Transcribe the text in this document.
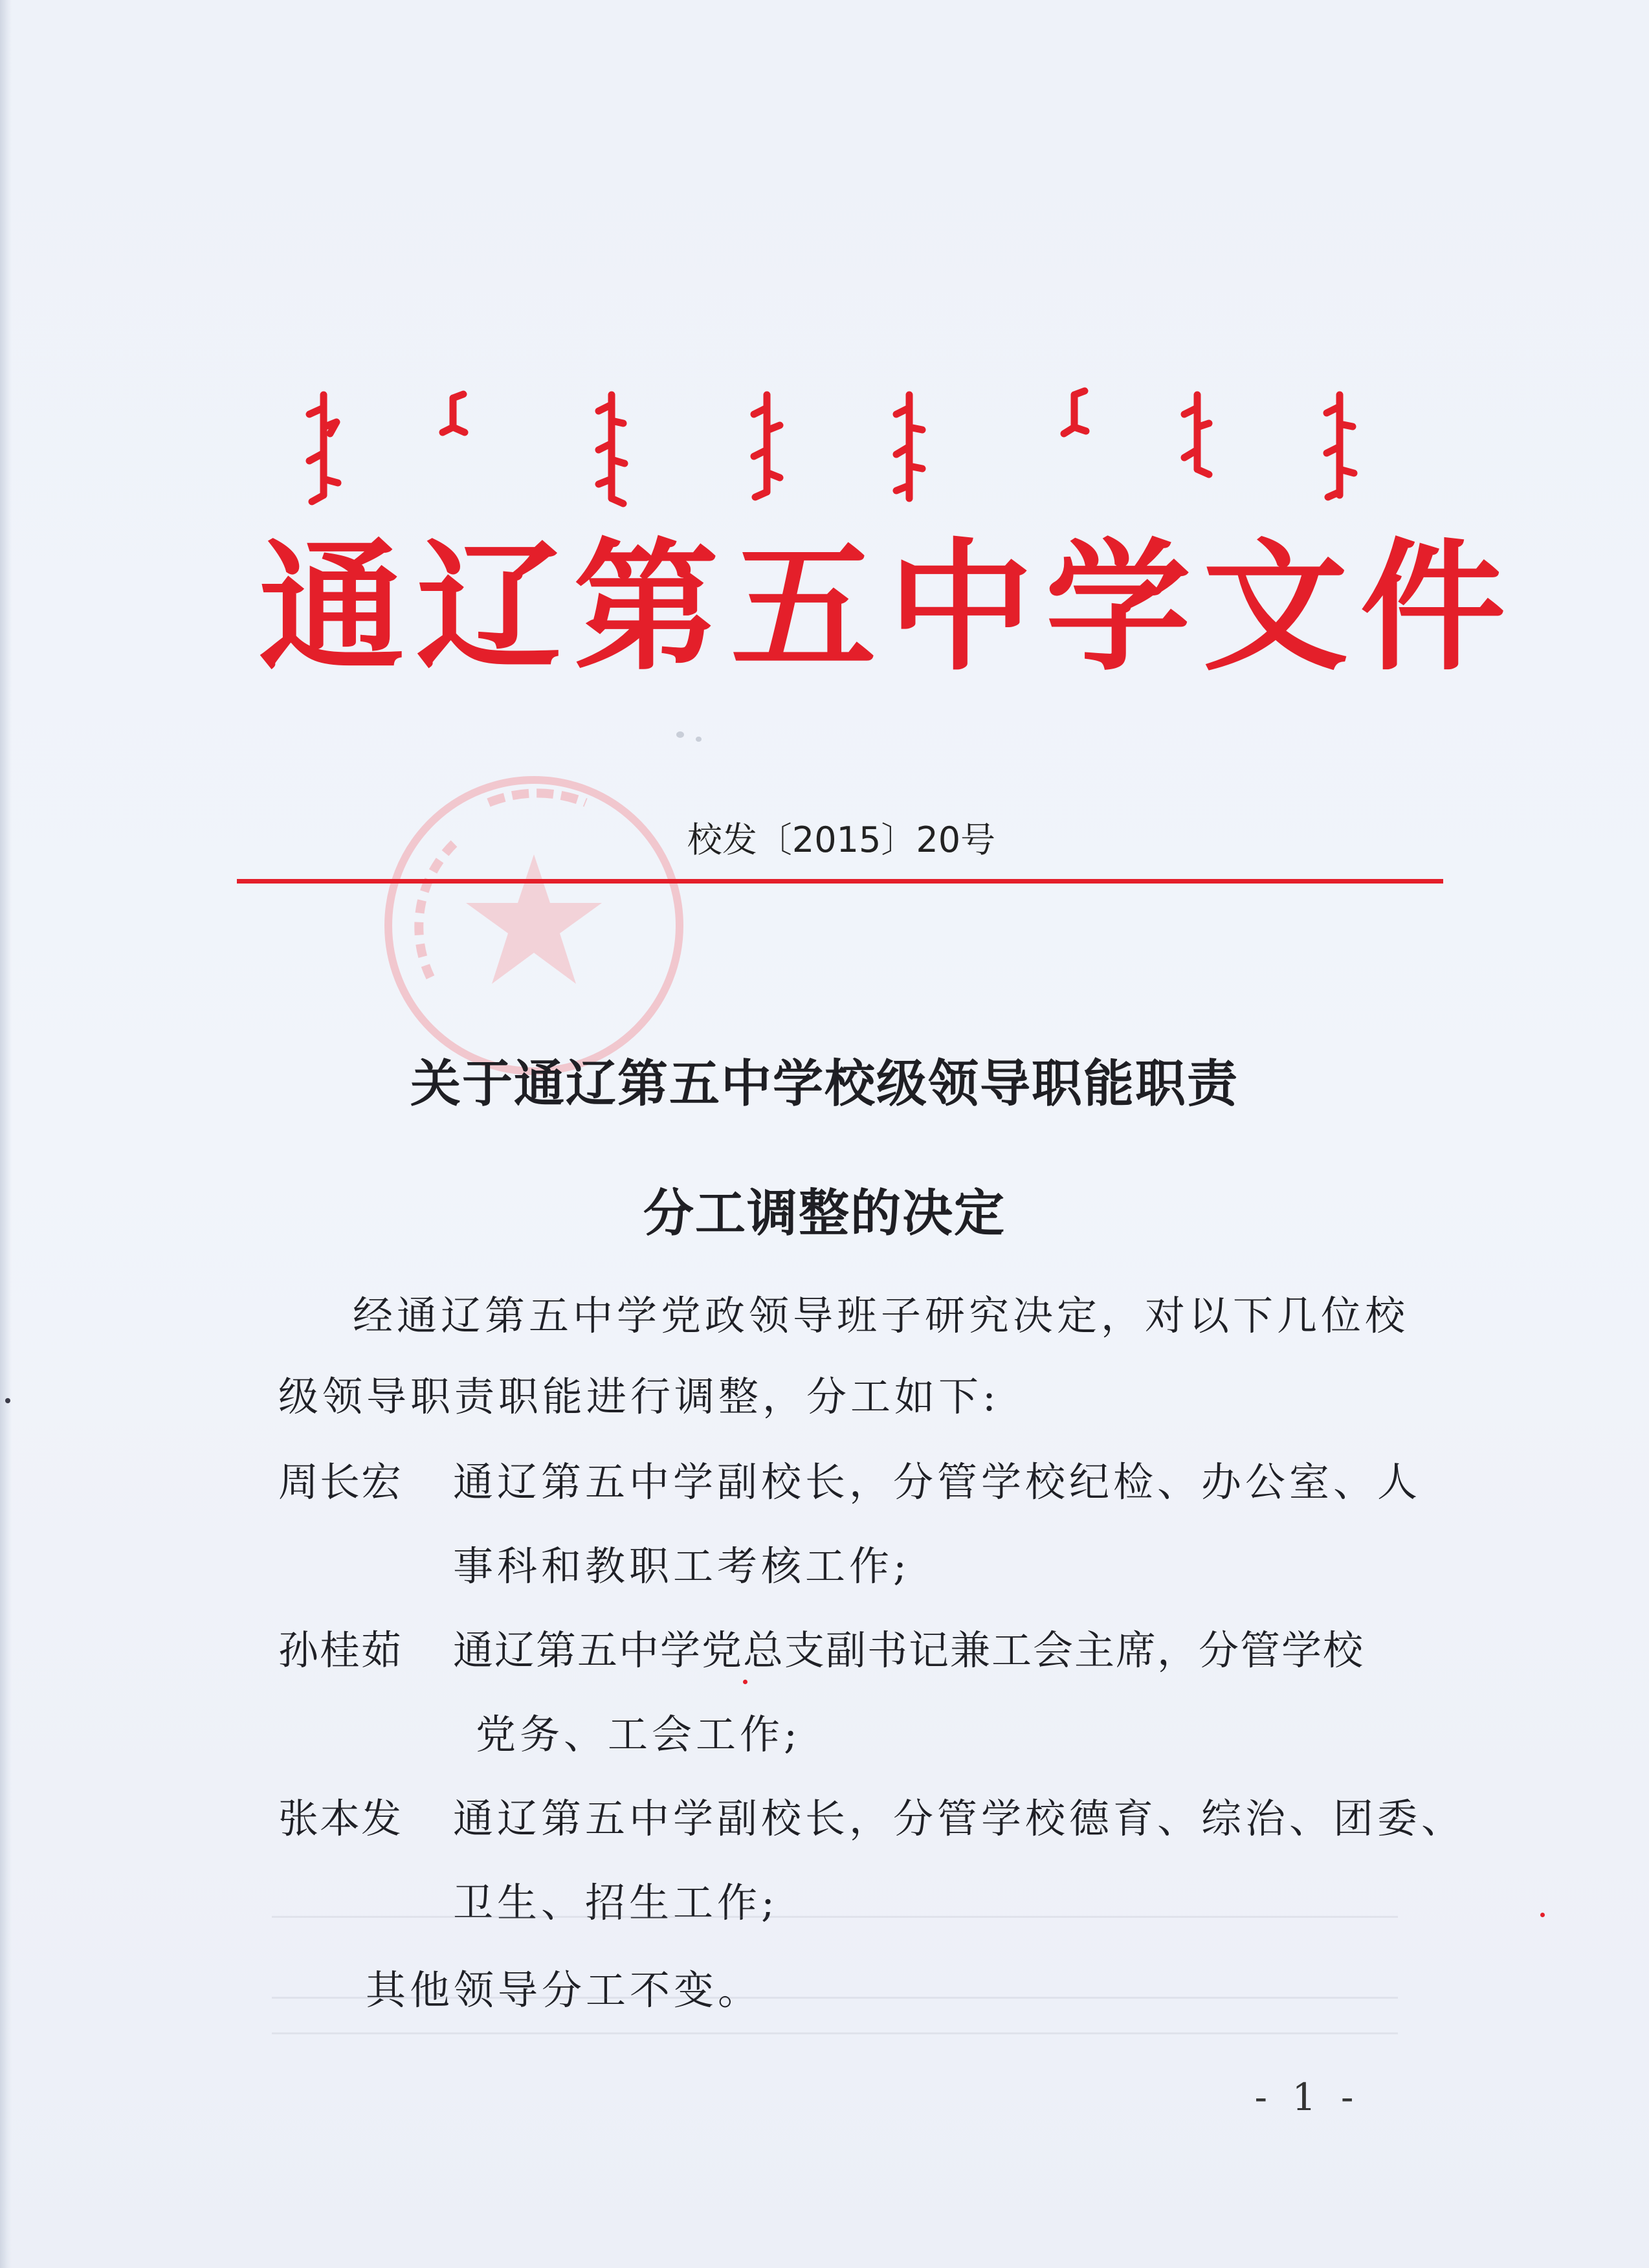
通辽第五中学文件
校发〔2015〕20号
关于通辽第五中学校级领导职能职责
分工调整的决定
经通辽第五中学党政领导班子研究决定，对以下几位校
级领导职责职能进行调整，分工如下:
周长宏 通辽第五中学副校长，分管学校纪检、办公室、人
事科和教职工考核工作;
孙桂茹 通辽第五中学党总支副书记兼工会主席，分管学校
党务、工会工作;
张本发 通辽第五中学副校长，分管学校德育、综治、团委、
卫生、招生工作;
其他领导分工不变。
- 1 -
